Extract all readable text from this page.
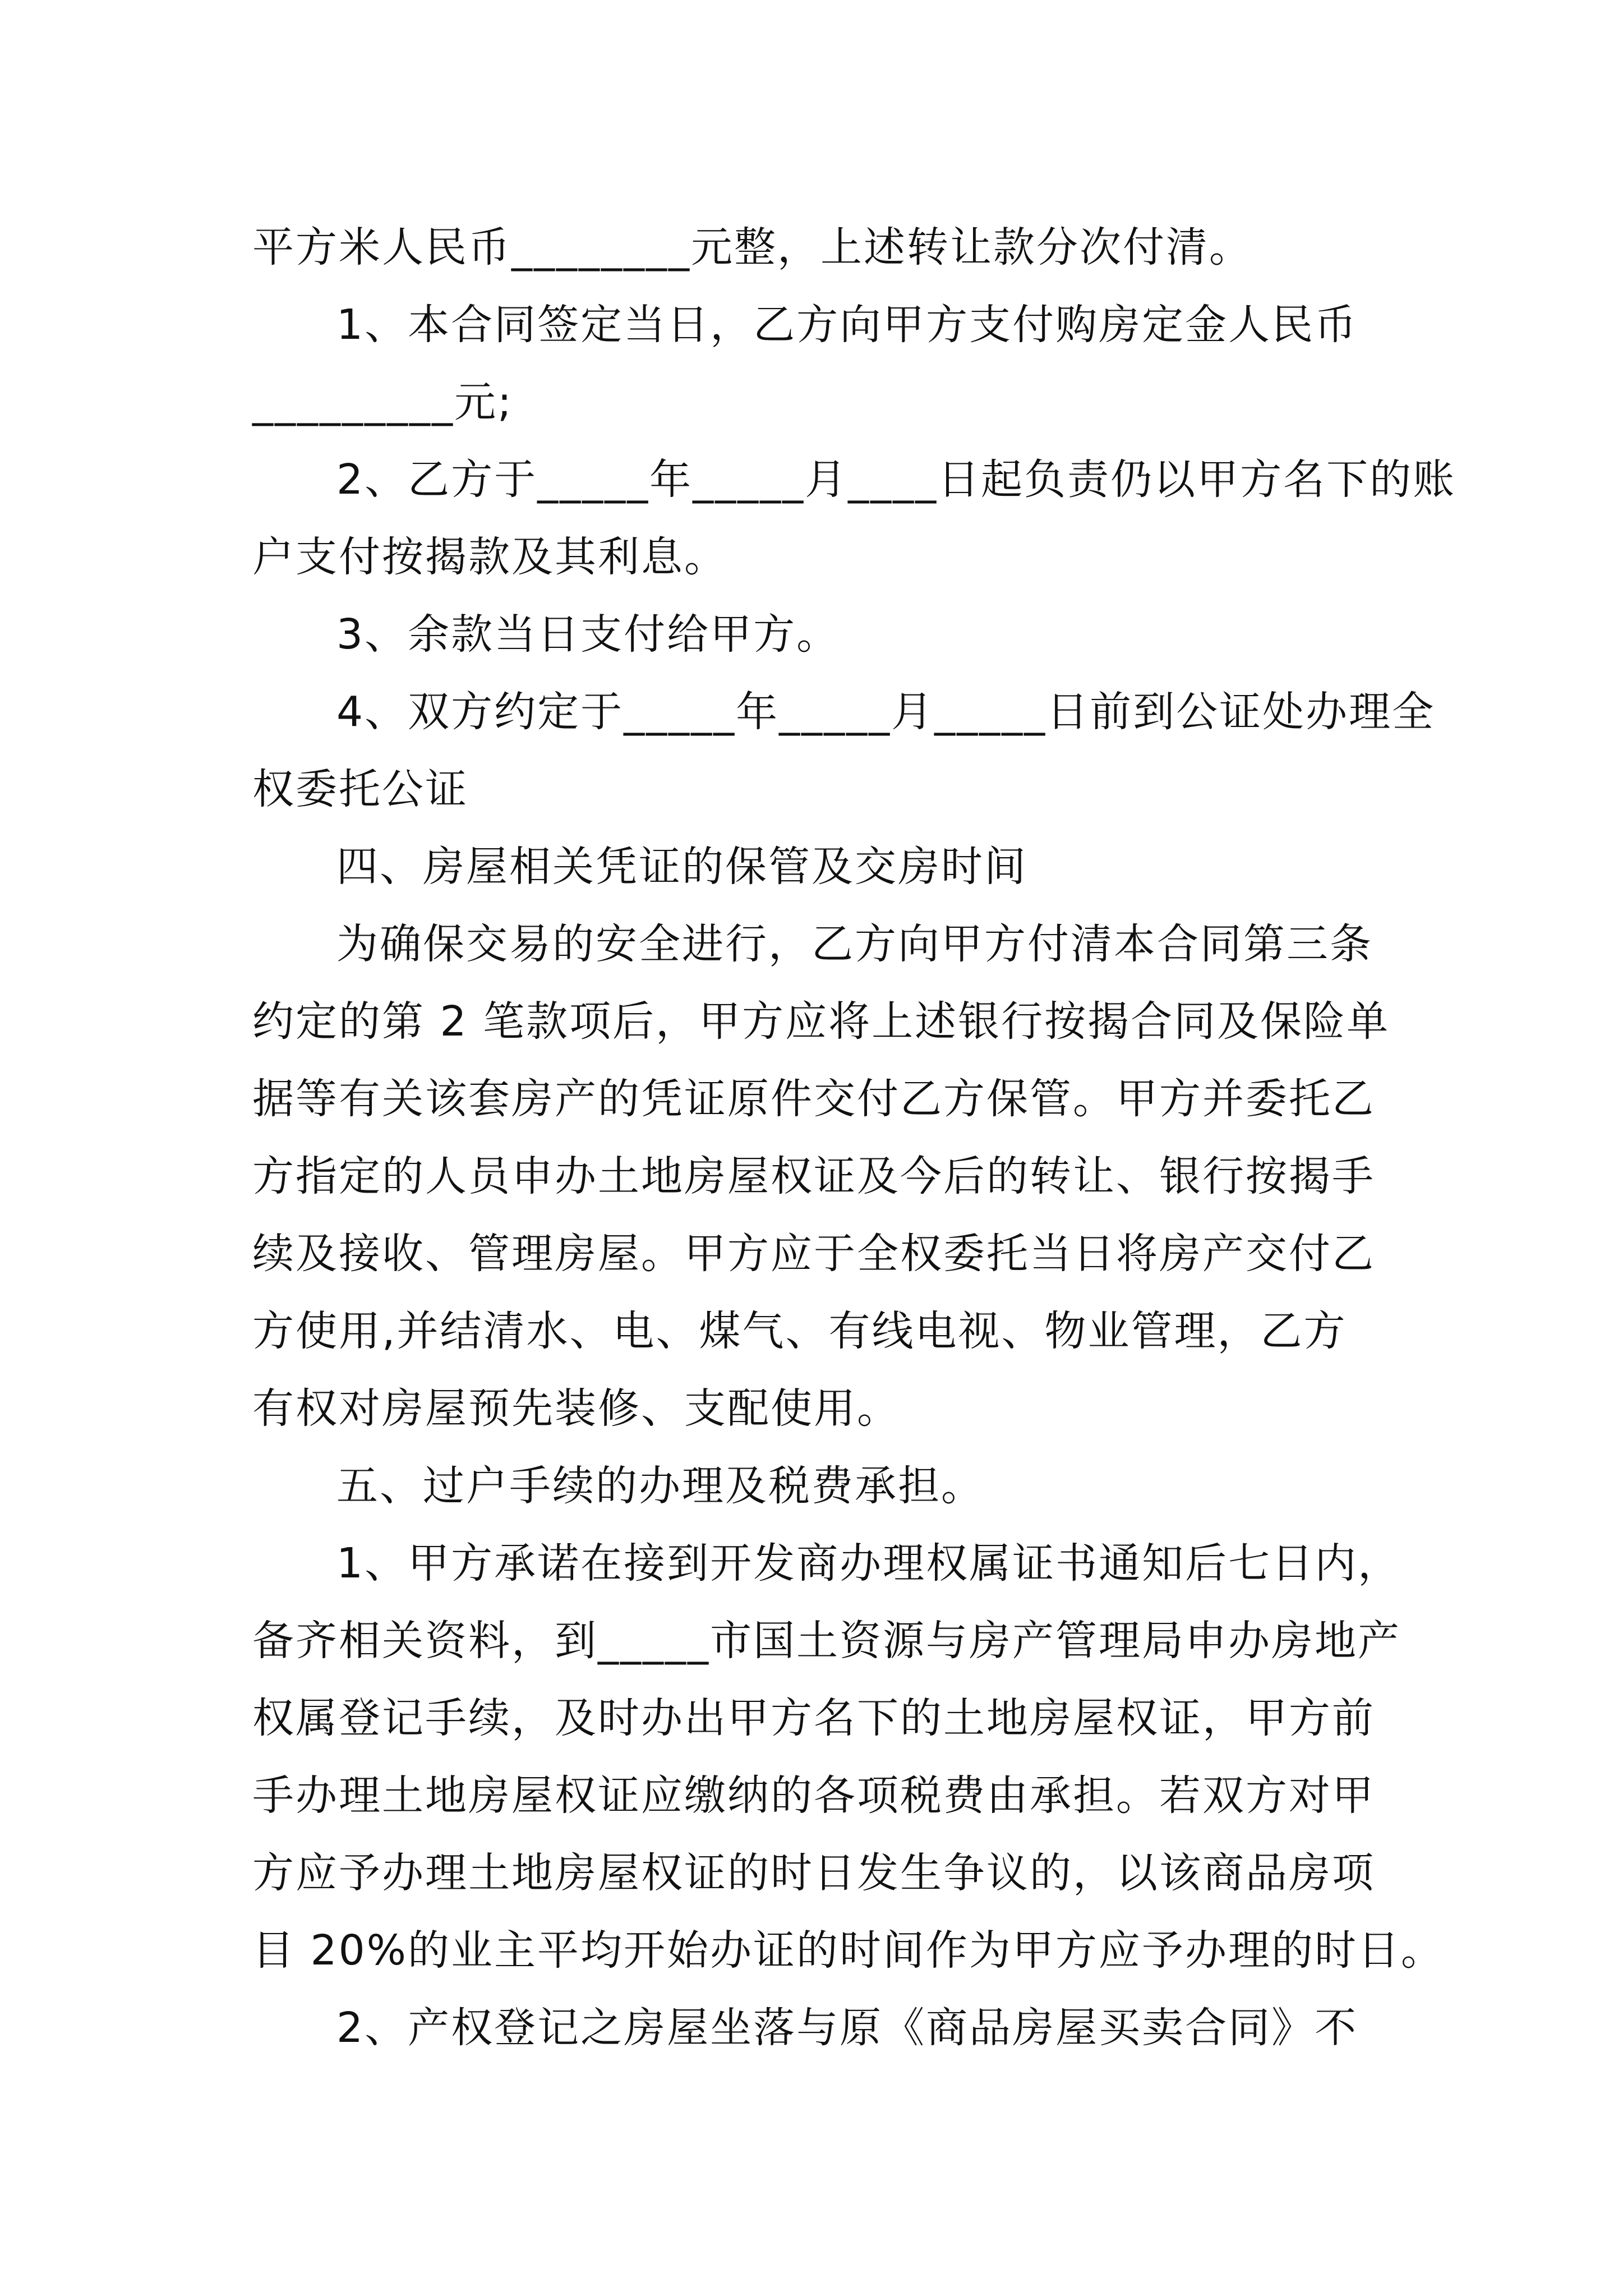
平方米人民币________元整，上述转让款分次付清。
1、本合同签定当日，乙方向甲方支付购房定金人民币
_________元;
2、乙方于_____年_____月____日起负责仍以甲方名下的账
户支付按揭款及其利息。
3、余款当日支付给甲方。
4、双方约定于_____年_____月_____日前到公证处办理全
权委托公证
四、房屋相关凭证的保管及交房时间
为确保交易的安全进行，乙方向甲方付清本合同第三条
约定的第 2 笔款项后，甲方应将上述银行按揭合同及保险单
据等有关该套房产的凭证原件交付乙方保管。甲方并委托乙
方指定的人员申办土地房屋权证及今后的转让、银行按揭手
续及接收、管理房屋。甲方应于全权委托当日将房产交付乙
方使用,并结清水、电、煤气、有线电视、物业管理，乙方
有权对房屋预先装修、支配使用。
五、过户手续的办理及税费承担。
1、甲方承诺在接到开发商办理权属证书通知后七日内，
备齐相关资料，到_____市国土资源与房产管理局申办房地产
权属登记手续，及时办出甲方名下的土地房屋权证，甲方前
手办理土地房屋权证应缴纳的各项税费由承担。若双方对甲
方应予办理土地房屋权证的时日发生争议的，以该商品房项
目 20%的业主平均开始办证的时间作为甲方应予办理的时日。
2、产权登记之房屋坐落与原《商品房屋买卖合同》不
